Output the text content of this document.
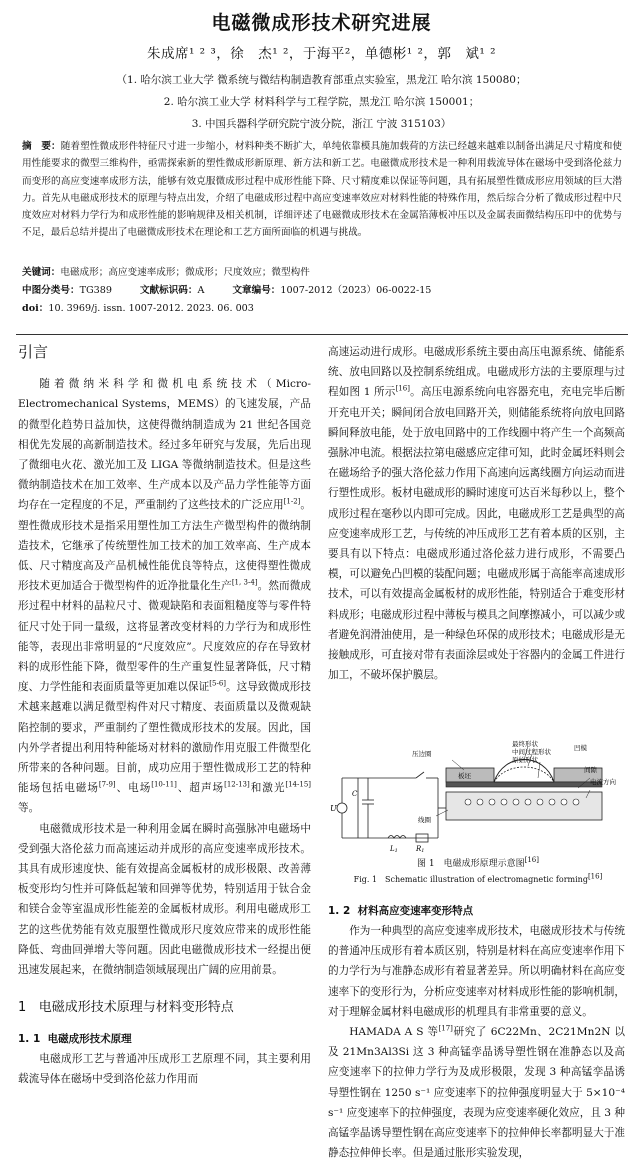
电磁微成形技术研究进展
朱成席¹ ² ³，徐　杰¹ ²，于海平²，单德彬¹ ²，郭　斌¹ ²
（1. 哈尔滨工业大学 微系统与微结构制造教育部重点实验室，黑龙江 哈尔滨 150080；
2. 哈尔滨工业大学 材料科学与工程学院，黑龙江 哈尔滨 150001；
3. 中国兵器科学研究院宁波分院，浙江 宁波 315103）
摘　要：随着塑性微成形件特征尺寸进一步缩小，材料种类不断扩大，单纯依靠模具施加载荷的方法已经越来越难以制备出满足尺寸精度和使用性能要求的微型三维构件，亟需探索新的塑性微成形新原理、新方法和新工艺。电磁微成形技术是一种利用载流导体在磁场中受到洛伦兹力而变形的高应变速率成形方法，能够有效克服微成形过程中成形性能下降、尺寸精度难以保证等问题，具有拓展塑性微成形应用领域的巨大潜力。首先从电磁成形技术的原理与特点出发，介绍了电磁成形过程中高应变速率效应对材料性能的特殊作用，然后综合分析了微成形过程中尺度效应对材料力学行为和成形性能的影响规律及相关机制，详细评述了电磁微成形技术在金属箔薄板冲压以及金属表面微结构压印中的优势与不足，最后总结并提出了电磁微成形技术在理论和工艺方面所面临的机遇与挑战。
关键词：电磁成形；高应变速率成形；微成形；尺度效应；微型构件
中图分类号：TG389	文献标识码：A	文章编号：1007-2012（2023）06-0022-15
doi：10. 3969/j. issn. 1007-2012. 2023. 06. 003
引言

随着微纳米科学和微机电系统技术（Micro-Electromechanical Systems，MEMS）的飞速发展，产品的微型化趋势日益加快，这使得微纳制造成为 21 世纪各国竞相优先发展的高新制造技术。经过多年研究与发展，先后出现了微细电火花、激光加工及 LIGA 等微纳制造技术。但是这些微纳制造技术在加工效率、生产成本以及产品力学性能等方面均存在一定程度的不足，严重制约了这些技术的广泛应用[1-2]。塑性微成形技术是指采用塑性加工方法生产微型构件的微纳制造技术，它继承了传统塑性加工技术的加工效率高、生产成本低、尺寸精度高及产品机械性能优良等特点，这使得塑性微成形技术更加适合于微型构件的近净批量化生产[1, 3-4]。然而微成形过程中材料的晶粒尺寸、微观缺陷和表面粗糙度等与零件特征尺寸处于同一量级，这将显著改变材料的力学行为和成形性能等，表现出非常明显的“尺度效应”。尺度效应的存在导致材料的成形性能下降，微型零件的生产重复性显著降低，尺寸精度、力学性能和表面质量等更加难以保证[5-6]。这导致微成形技术越来越难以满足微型构件对尺寸精度、表面质量以及微观缺陷控制的要求，严重制约了塑性微成形技术的发展。因此，国内外学者提出利用特种能场对材料的激励作用克服工件微型化所带来的各种问题。目前，成功应用于塑性微成形工艺的特种能场包括电磁场[7-9]、电场[10-11]、超声场[12-13]和激光[14-15]等。

电磁微成形技术是一种利用金属在瞬时高强脉冲电磁场中受到强大洛伦兹力而高速运动并成形的高应变速率成形技术。其具有成形速度快、能有效提高金属板材的成形极限、改善薄板变形均匀性并可降低起皱和回弹等优势，特别适用于钛合金和镁合金等室温成形性能差的金属板材成形。利用电磁成形工艺的这些优势能有效克服塑性微成形尺度效应带来的成形性能降低、弯曲回弹增大等问题。因此电磁微成形技术一经提出便迅速发展起来，在微纳制造领域展现出广阔的应用前景。

1 电磁成形技术原理与材料变形特点
1. 1 电磁成形技术原理

电磁成形工艺与普通冲压成形工艺原理不同，其主要利用载流导体在磁场中受到洛伦兹力作用而

高速运动进行成形。电磁成形系统主要由高压电源系统、储能系统、放电回路以及控制系统组成。电磁成形方法的主要原理与过程如图 1 所示[16]。高压电源系统向电容器充电，充电完毕后断开充电开关；瞬间闭合放电回路开关，则储能系统将向放电回路瞬间释放电能，处于放电回路中的工作线圈中将产生一个高频高强脉冲电流。根据法拉第电磁感应定律可知，此时金属坯料则会在磁场给予的强大洛伦兹力作用下高速向远离线圈方向运动而进行塑性成形。板材电磁成形的瞬时速度可达百米每秒以上，整个成形过程在毫秒以内即可完成。因此，电磁成形工艺是典型的高应变速率成形工艺，与传统的冲压成形工艺有着本质的区别，主要具有以下特点：电磁成形通过洛伦兹力进行成形，不需要凸模，可以避免凸凹模的装配问题；电磁成形属于高能率高速成形技术，可以有效提高金属板材的成形性能，特别适合于难变形材料成形；电磁成形过程中薄板与模具之间摩擦减小，可以减少或者避免润滑油使用，是一种绿色环保的成形技术；电磁成形是无接触成形，可直接对带有表面涂层或处于容器内的金属工件进行加工，不破坏保护膜层。

U
C
L1	R1
最终形状
中间过程形状
原始形状
压边圈
凹模
间隙
电流方向
板坯
线圈
图 1　电磁成形原理示意图[16]
Fig. 1　Schematic illustration of electromagnetic forming[16]
1. 2 材料高应变速率变形特点

作为一种典型的高应变速率成形技术，电磁成形技术与传统的普通冲压成形有着本质区别，特别是材料在高应变速率作用下的力学行为与准静态成形有着显著差异。所以明确材料在高应变速率下的变形行为，分析应变速率对材料成形性能的影响机制，对于理解金属材料电磁成形的机理具有非常重要的意义。

HAMADA A S 等[17]研究了 6C22Mn、2C21Mn2N 以及 21Mn3Al3Si 这 3 种高锰孪晶诱导塑性钢在准静态以及高应变速率下的拉伸力学行为及成形极限，发现 3 种高锰孪晶诱导塑性钢在 1250 s⁻¹ 应变速率下的拉伸强度明显大于 5×10⁻⁴ s⁻¹ 应变速率下的拉伸强度，表现为应变速率硬化效应，且 3 种高锰孪晶诱导塑性钢在高应变速率下的拉伸伸长率都明显大于准静态拉伸伸长率。但是通过胀形实验发现，
